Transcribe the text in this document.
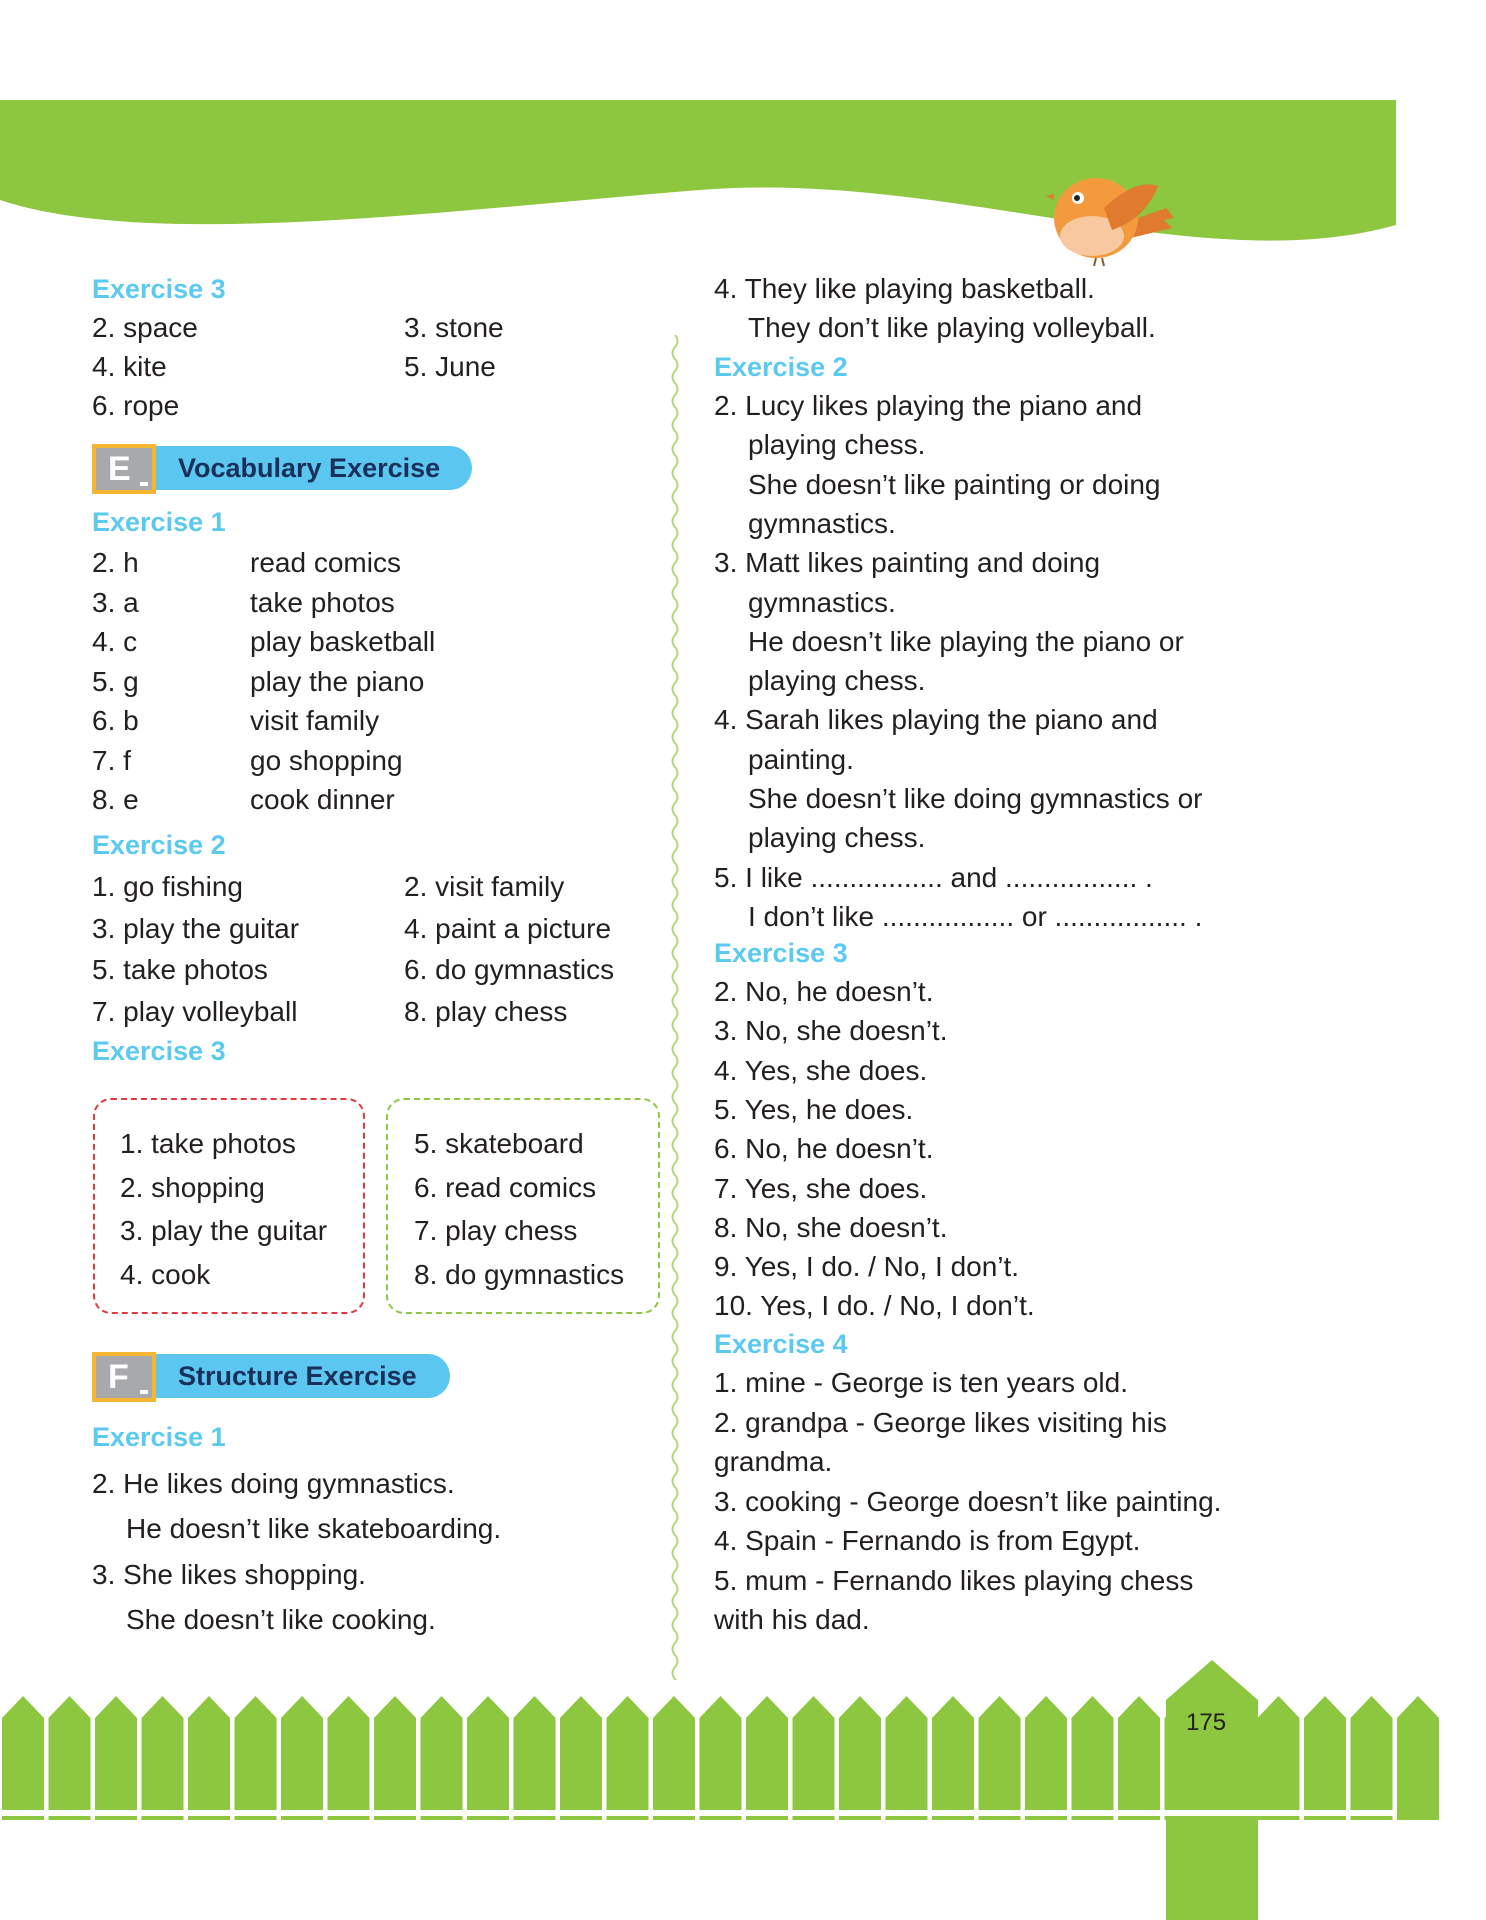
Exercise 3
2. space	3. stone
4. kite	5. June
6. rope
E	Vocabulary Exercise
Exercise 1
2. h	read comics
3. a	take photos
4. c	play basketball
5. g	play the piano
6. b	visit family
7. f	go shopping
8. e	cook dinner
Exercise 2
1. go fishing	2. visit family
3. play the guitar	4. paint a picture
5. take photos	6. do gymnastics
7. play volleyball	8. play chess
Exercise 3
1. take photos
2. shopping
3. play the guitar
4. cook
5. skateboard
6. read comics
7. play chess
8. do gymnastics
F	Structure Exercise
Exercise 1
2. He likes doing gymnastics.
He doesn’t like skateboarding.
3. She likes shopping.
She doesn’t like cooking.
4. They like playing basketball.
They don’t like playing volleyball.
Exercise 2
2. Lucy likes playing the piano and
playing chess.
She doesn’t like painting or doing
gymnastics.
3. Matt likes painting and doing
gymnastics.
He doesn’t like playing the piano or
playing chess.
4. Sarah likes playing the piano and
painting.
She doesn’t like doing gymnastics or
playing chess.
5. I like ................. and ................. .
I don’t like ................. or ................. .
Exercise 3
2. No, he doesn’t.
3. No, she doesn’t.
4. Yes, she does.
5. Yes, he does.
6. No, he doesn’t.
7. Yes, she does.
8. No, she doesn’t.
9. Yes, I do. / No, I don’t.
10. Yes, I do. / No, I don’t.
Exercise 4
1. mine - George is ten years old.
2. grandpa - George likes visiting his
grandma.
3. cooking - George doesn’t like painting.
4. Spain - Fernando is from Egypt.
5. mum - Fernando likes playing chess
with his dad.
175
